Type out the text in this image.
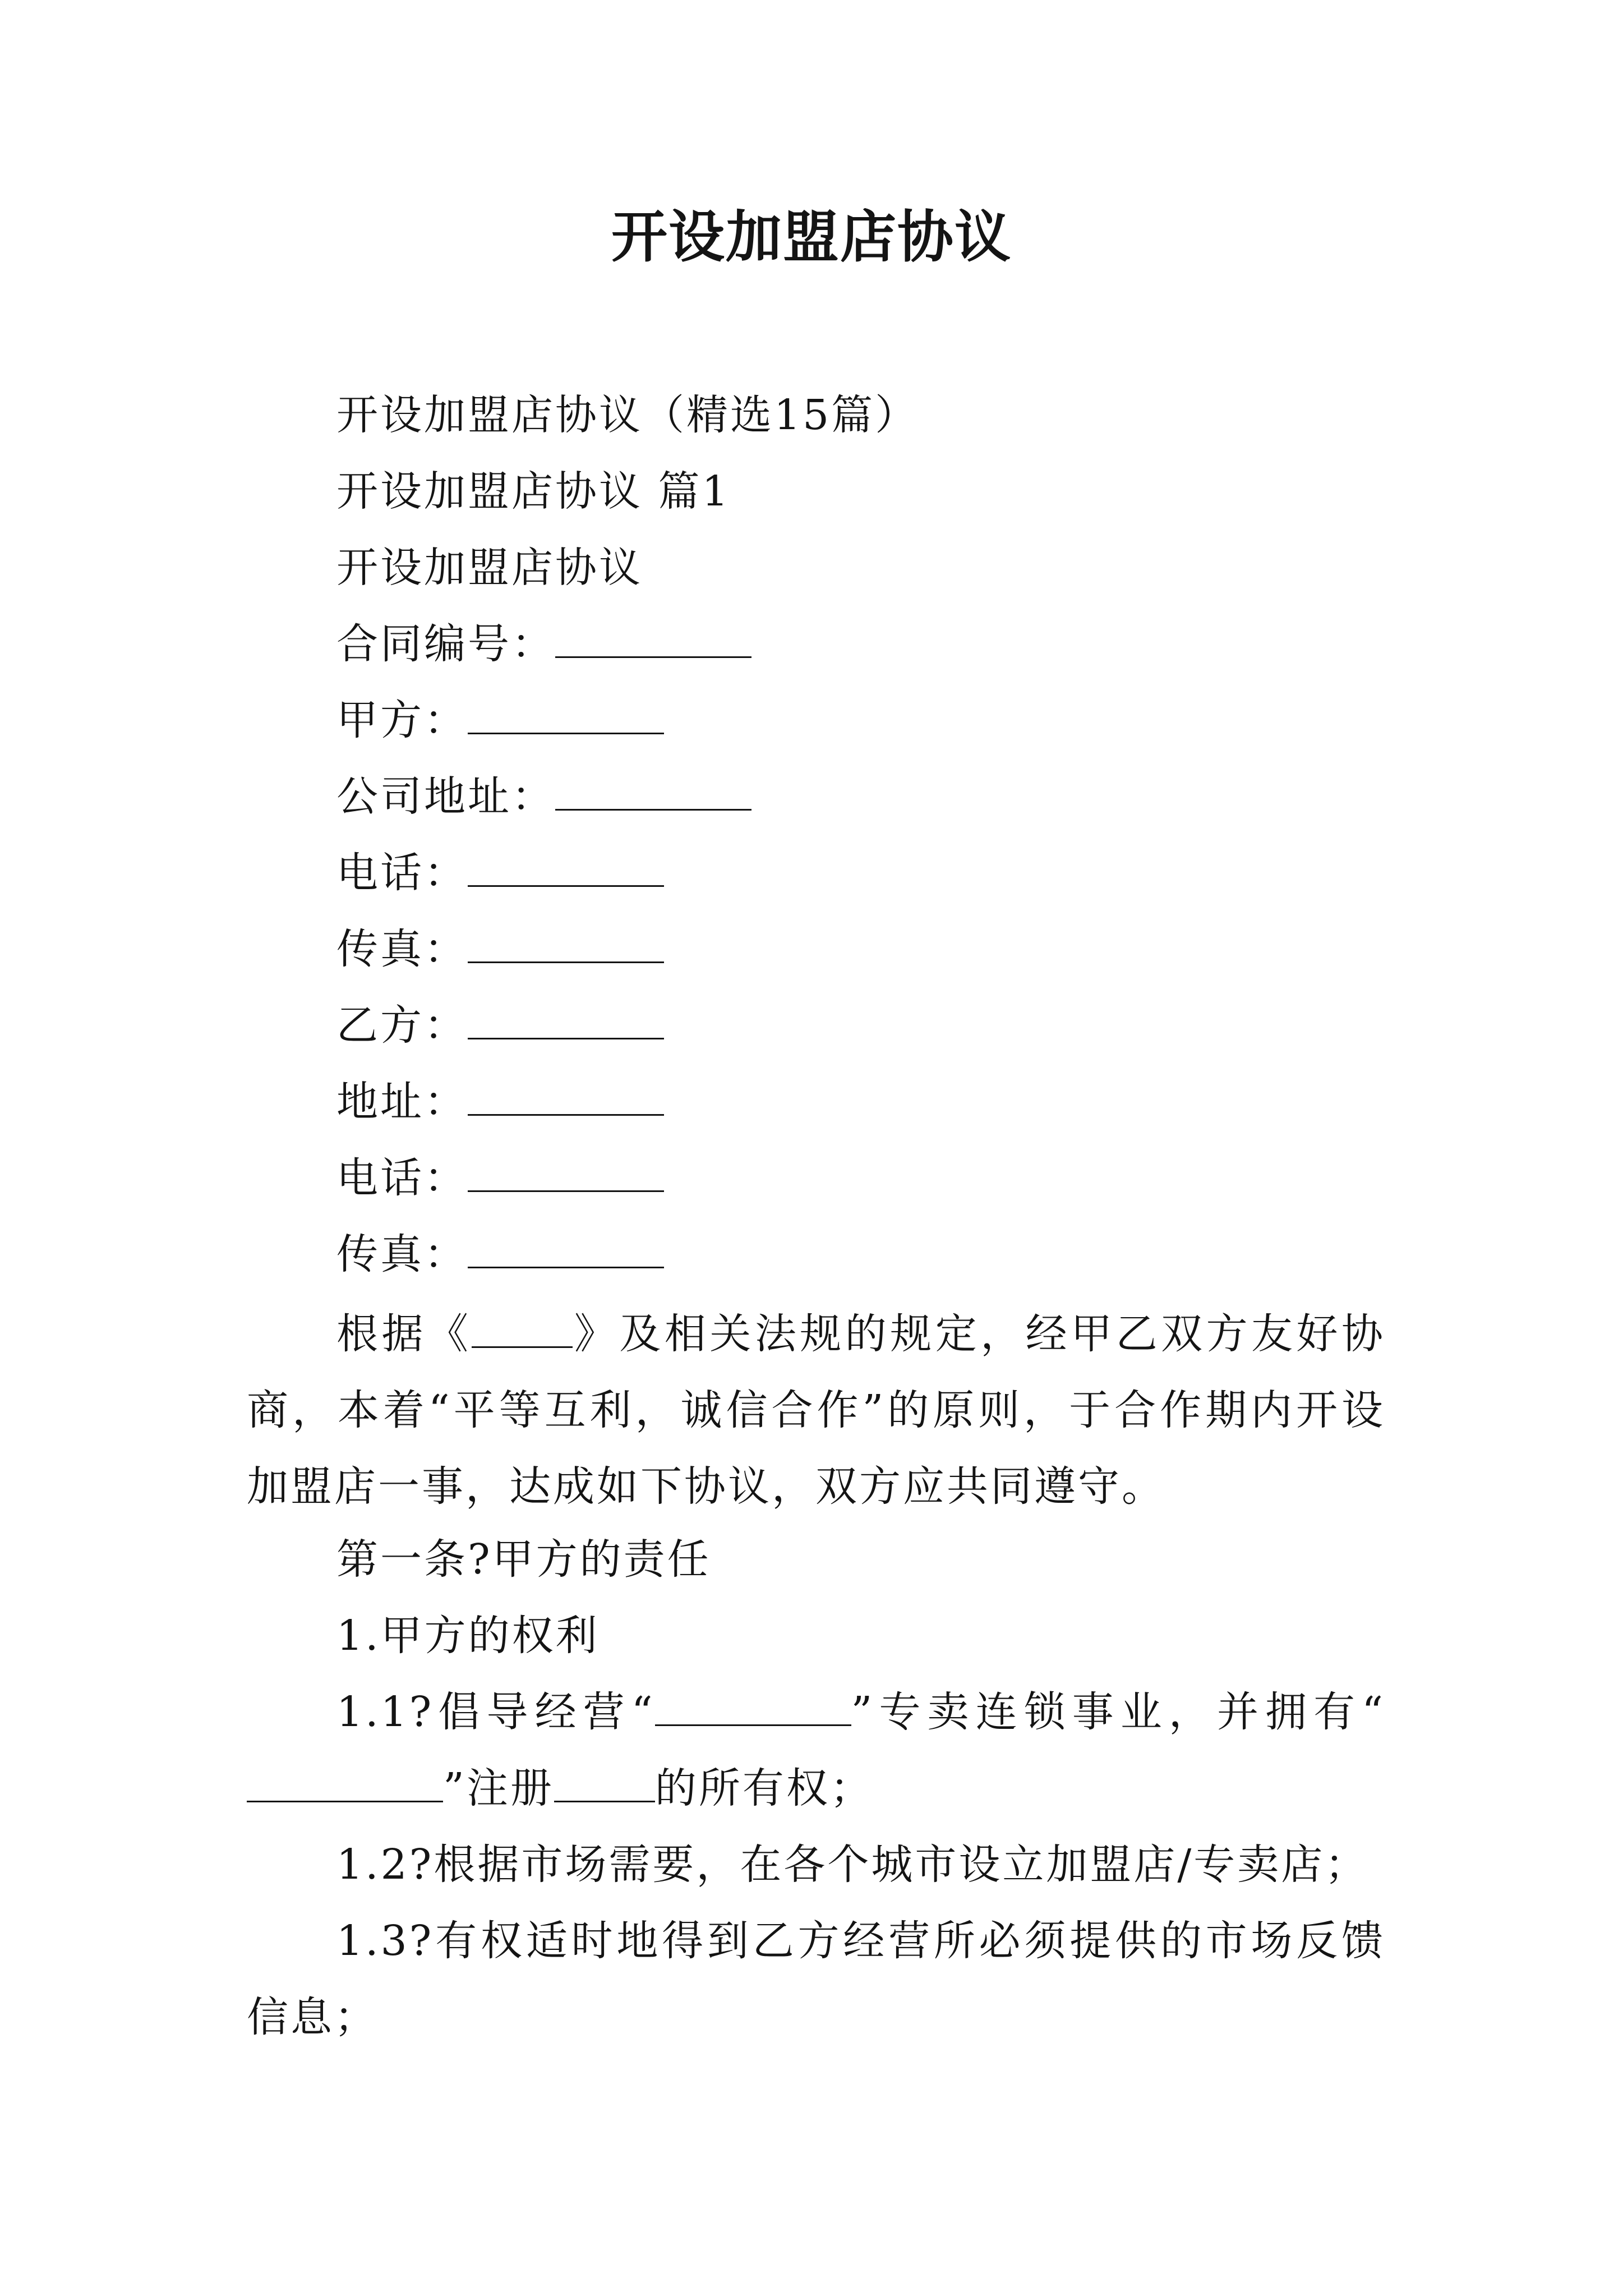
开设加盟店协议
开设加盟店协议（精选15篇）
开设加盟店协议 篇1
开设加盟店协议
合同编号：
甲方：
公司地址：
电话：
传真：
乙方：
地址：
电话：
传真：
根据《 》及相关法规的规定，经甲乙双方友好协商，本着“平等互利，诚信合作”的原则，于合作期内开设加盟店一事，达成如下协议，双方应共同遵守。
第一条?甲方的责任
1.甲方的权利
1.1?倡导经营“	”专卖连锁事业，并拥有“”注册 的所有权；
1.2?根据市场需要，在各个城市设立加盟店/专卖店；
1.3?有权适时地得到乙方经营所必须提供的市场反馈信息；
